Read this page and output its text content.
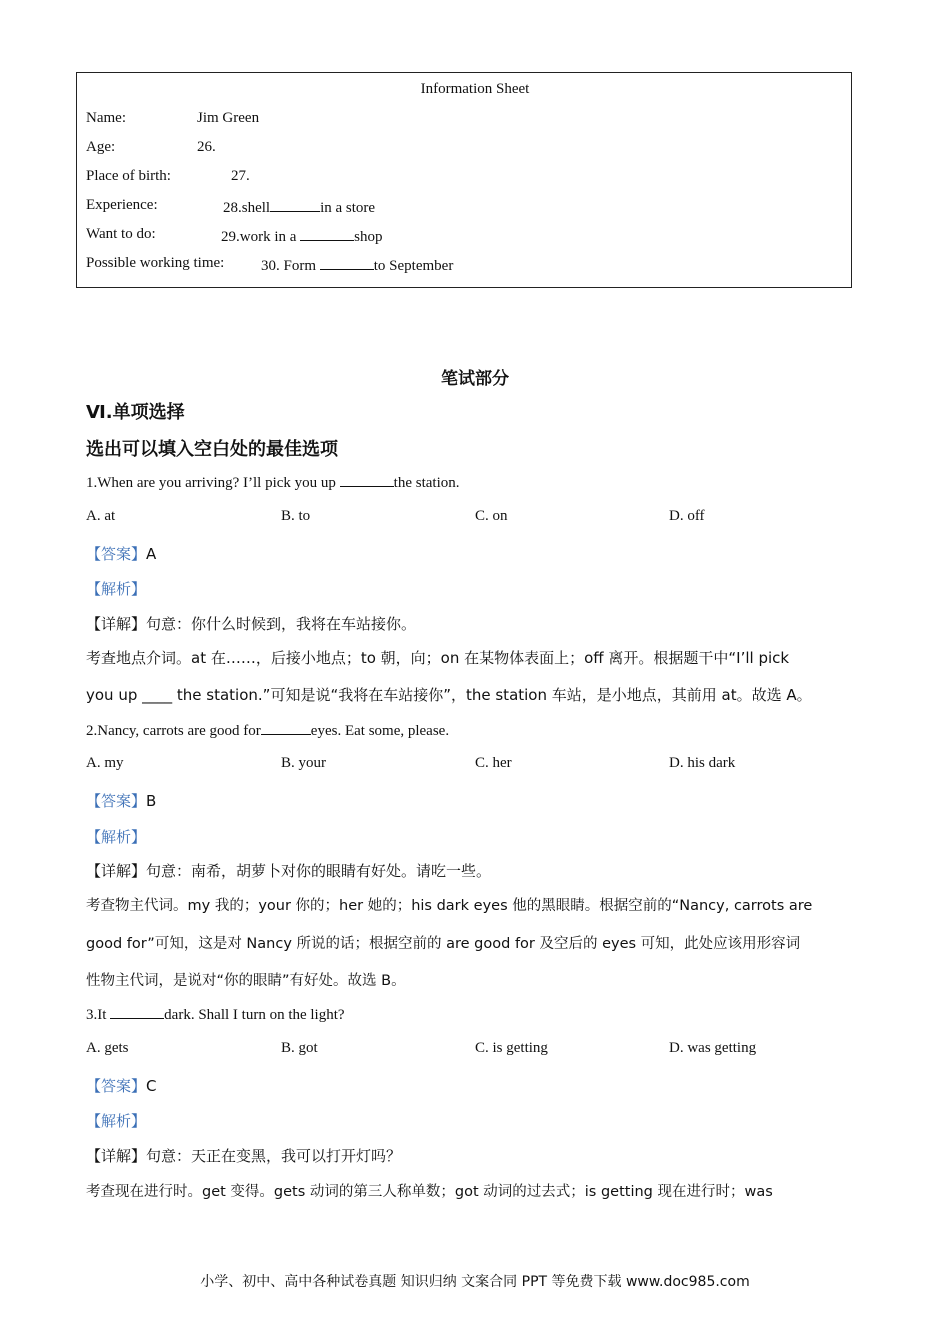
Information Sheet
Name:	Jim Green
Age:	26.
Place of birth:	27.
Experience:	28.shell	in a store
Want to do:	29.work in a	shop
Possible working time: 30. Form	to September
笔试部分
Ⅵ.单项选择
选出可以填入空白处的最佳选项
1.When are you arriving? I’ll pick you up	the station.
A. at	B. to	C. on	D. off
【答案】A
【解析】
【详解】句意：你什么时候到，我将在车站接你。
考查地点介词。at 在……，后接小地点；to 朝，向；on 在某物体表面上；off 离开。根据题干中“I’ll pick
you up ____ the station.”可知是说“我将在车站接你”，the station 车站，是小地点，其前用 at。故选 A。
2.Nancy, carrots are good for	eyes. Eat some, please.
A. my	B. your	C. her	D. his dark
【答案】B
【解析】
【详解】句意：南希，胡萝卜对你的眼睛有好处。请吃一些。
考查物主代词。my 我的；your 你的；her 她的；his dark eyes 他的黑眼睛。根据空前的“Nancy, carrots are
good for”可知，这是对 Nancy 所说的话；根据空前的 are good for 及空后的 eyes 可知，此处应该用形容词
性物主代词，是说对“你的眼睛”有好处。故选 B。
3.It	dark. Shall I turn on the light?
A. gets	B. got	C. is getting	D. was getting
【答案】C
【解析】
【详解】句意：天正在变黑，我可以打开灯吗？
考查现在进行时。get 变得。gets 动词的第三人称单数；got 动词的过去式；is getting 现在进行时；was
小学、初中、高中各种试卷真题 知识归纳 文案合同 PPT 等免费下载 www.doc985.com
